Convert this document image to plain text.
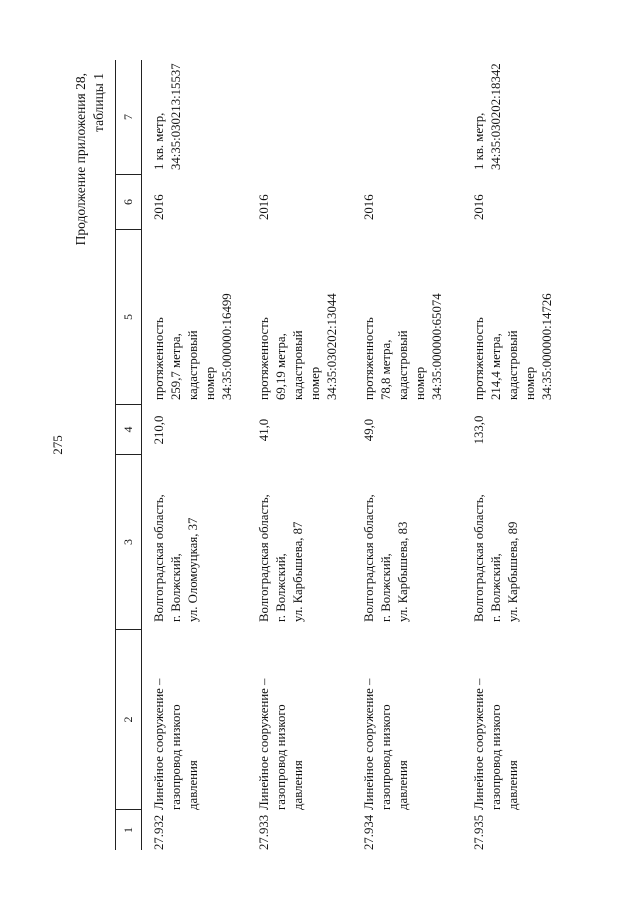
275
Продолжение приложения 28,
таблицы 1
1
2
3
4
5
6
7
27.932
Линейное сооружение –
газопровод низкого
давления
Волгоградская область,
г. Волжский,
ул. Оломоуцкая, 37
210,0
протяженность
259,7 метра,
кадастровый
номер
34:35:000000:16499
2016
1 кв. метр,
34:35:030213:15537
27.933
Линейное сооружение –
газопровод низкого
давления
Волгоградская область,
г. Волжский,
ул. Карбышева, 87
41,0
протяженность
69,19 метра,
кадастровый
номер
34:35:030202:13044
2016
27.934
Линейное сооружение –
газопровод низкого
давления
Волгоградская область,
г. Волжский,
ул. Карбышева, 83
49,0
протяженность
78,8 метра,
кадастровый
номер
34:35:000000:65074
2016
27.935
Линейное сооружение –
газопровод низкого
давления
Волгоградская область,
г. Волжский,
ул. Карбышева, 89
133,0
протяженность
214,4 метра,
кадастровый
номер
34:35:000000:14726
2016
1 кв. метр,
34:35:030202:18342
